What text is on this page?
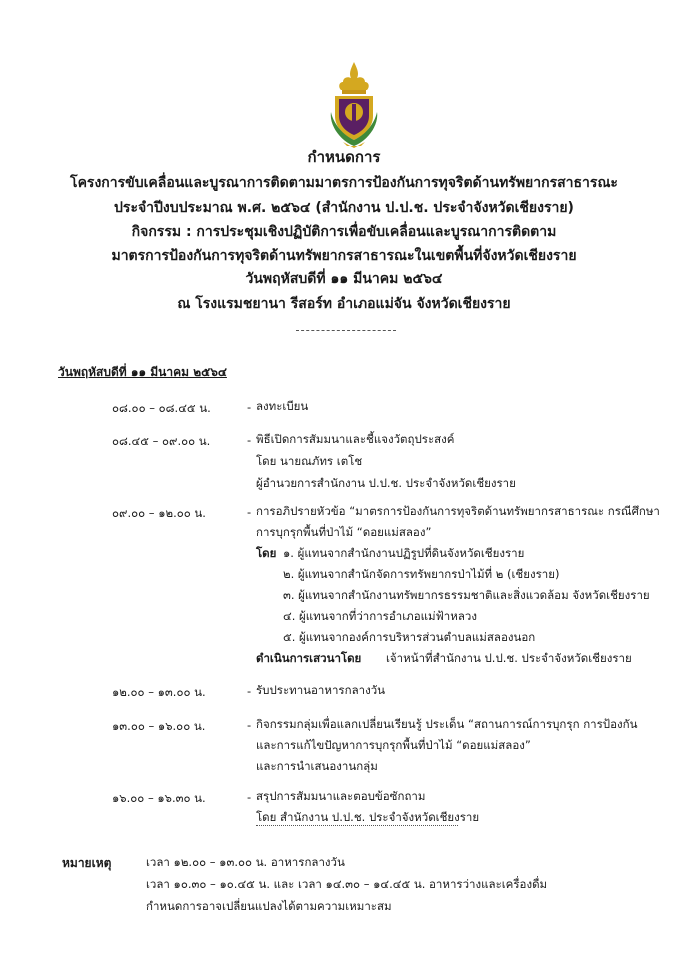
กำหนดการ
โครงการขับเคลื่อนและบูรณาการติดตามมาตรการป้องกันการทุจริตด้านทรัพยากรสาธารณะ
ประจำปีงบประมาณ พ.ศ. ๒๕๖๔ (สำนักงาน ป.ป.ช. ประจำจังหวัดเชียงราย)
กิจกรรม : การประชุมเชิงปฏิบัติการเพื่อขับเคลื่อนและบูรณาการติดตาม
มาตรการป้องกันการทุจริตด้านทรัพยากรสาธารณะในเขตพื้นที่จังหวัดเชียงราย
วันพฤหัสบดีที่ ๑๑ มีนาคม ๒๕๖๔
ณ โรงแรมชยานา รีสอร์ท อำเภอแม่จัน จังหวัดเชียงราย
วันพฤหัสบดีที่ ๑๑ มีนาคม ๒๕๖๔
๐๘.๐๐ – ๐๘.๔๕ น.	- ลงทะเบียน
๐๘.๔๕ – ๐๙.๐๐ น.	- พิธีเปิดการสัมมนาและชี้แจงวัตถุประสงค์
โดย นายณภัทร เตโช
ผู้อำนวยการสำนักงาน ป.ป.ช. ประจำจังหวัดเชียงราย
๐๙.๐๐ – ๑๒.๐๐ น.	- การอภิปรายหัวข้อ “มาตรการป้องกันการทุจริตด้านทรัพยากรสาธารณะ กรณีศึกษา
การบุกรุกพื้นที่ป่าไม้ “ดอยแม่สลอง”
โดย ๑. ผู้แทนจากสำนักงานปฏิรูปที่ดินจังหวัดเชียงราย
๒. ผู้แทนจากสำนักจัดการทรัพยากรป่าไม้ที่ ๒ (เชียงราย)
๓. ผู้แทนจากสำนักงานทรัพยากรธรรมชาติและสิ่งแวดล้อม จังหวัดเชียงราย
๔. ผู้แทนจากที่ว่าการอำเภอแม่ฟ้าหลวง
๕. ผู้แทนจากองค์การบริหารส่วนตำบลแม่สลองนอก
ดำเนินการเสวนาโดย เจ้าหน้าที่สำนักงาน ป.ป.ช. ประจำจังหวัดเชียงราย
๑๒.๐๐ – ๑๓.๐๐ น.	- รับประทานอาหารกลางวัน
๑๓.๐๐ – ๑๖.๐๐ น.	- กิจกรรมกลุ่มเพื่อแลกเปลี่ยนเรียนรู้ ประเด็น “สถานการณ์การบุกรุก การป้องกัน
และการแก้ไขปัญหาการบุกรุกพื้นที่ป่าไม้ “ดอยแม่สลอง”
และการนำเสนองานกลุ่ม
๑๖.๐๐ – ๑๖.๓๐ น.	- สรุปการสัมมนาและตอบข้อซักถาม
โดย สำนักงาน ป.ป.ช. ประจำจังหวัดเชียงราย
หมายเหตุ	เวลา ๑๒.๐๐ – ๑๓.๐๐ น. อาหารกลางวัน
เวลา ๑๐.๓๐ – ๑๐.๔๕ น. และ เวลา ๑๔.๓๐ – ๑๔.๔๕ น. อาหารว่างและเครื่องดื่ม
กำหนดการอาจเปลี่ยนแปลงได้ตามความเหมาะสม
